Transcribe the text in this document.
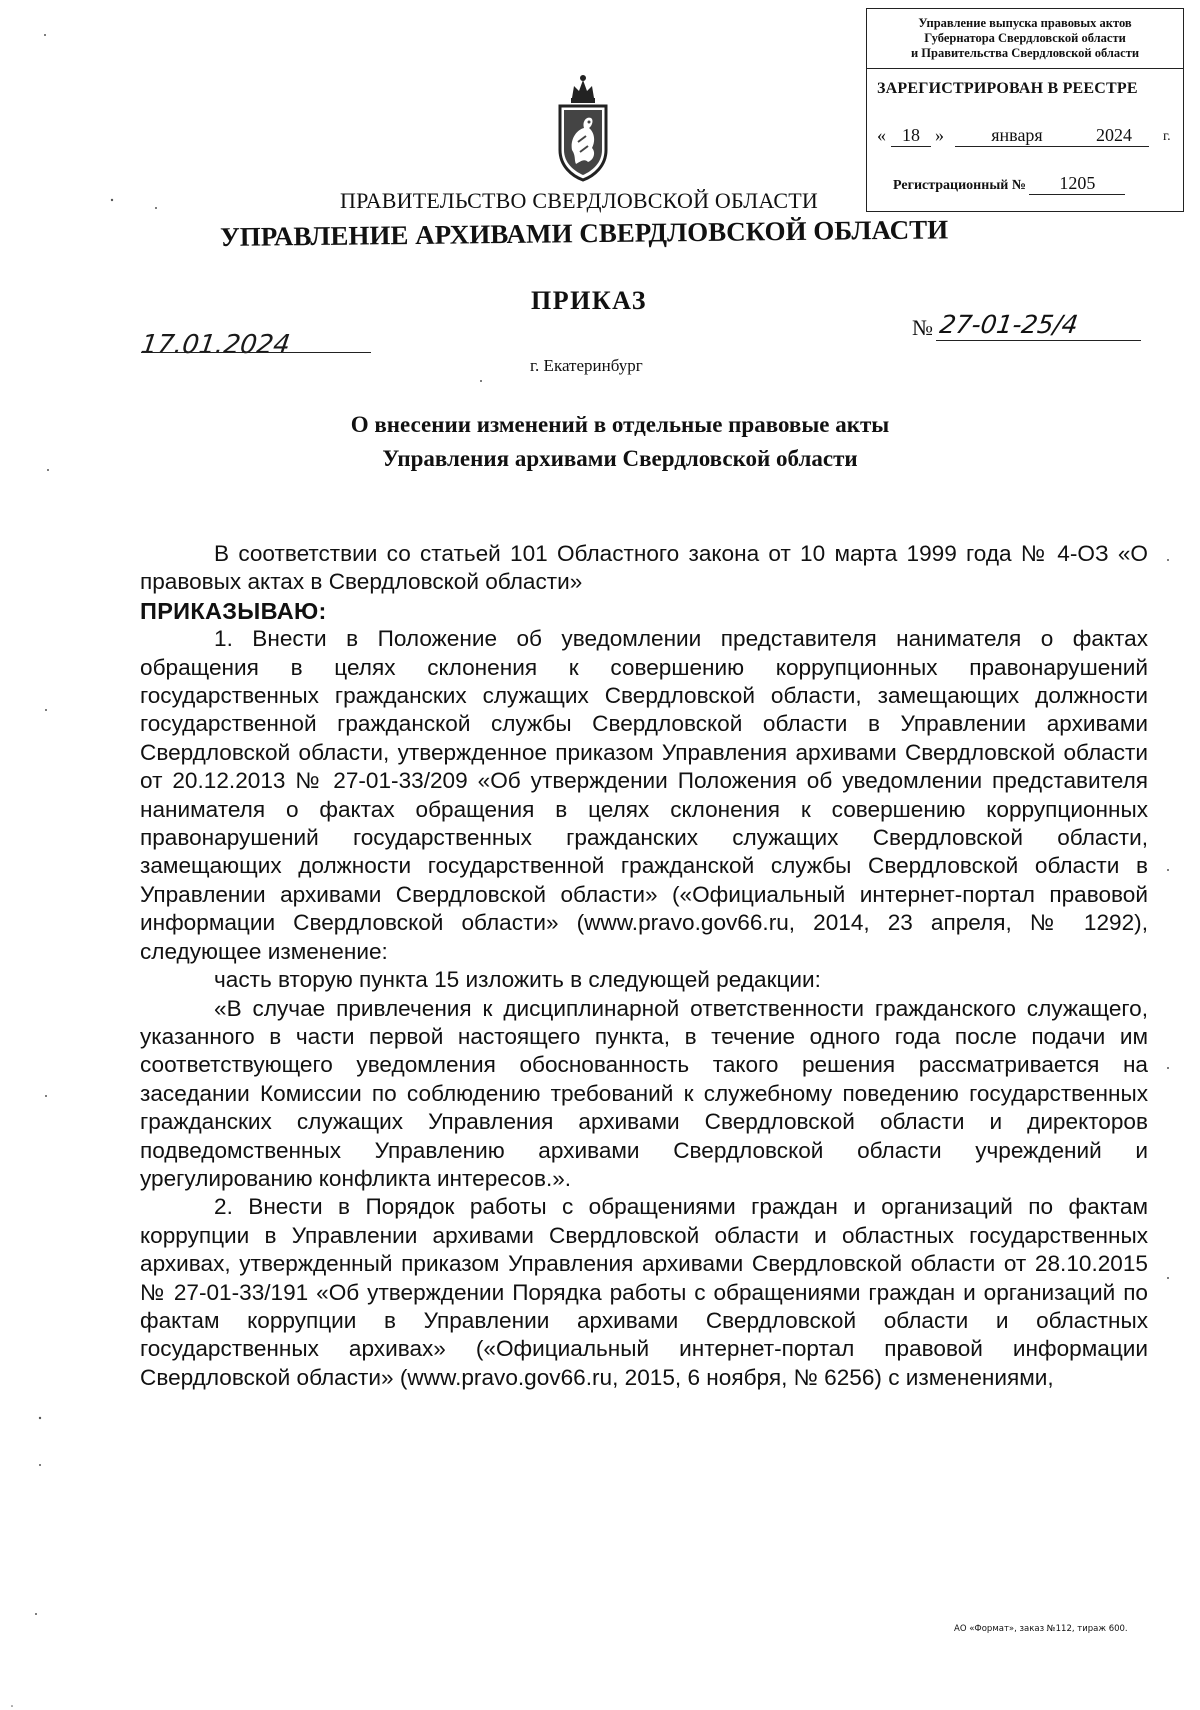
Управление выпуска правовых актов
Губернатора Свердловской области
и Правительства Свердловской области
ЗАРЕГИСТРИРОВАН В РЕЕСТРЕ
« 18 »	января	2024	г.
Регистрационный № 1205
ПРАВИТЕЛЬСТВО СВЕРДЛОВСКОЙ ОБЛАСТИ
УПРАВЛЕНИЕ АРХИВАМИ СВЕРДЛОВСКОЙ ОБЛАСТИ
ПРИКАЗ
17.01.2024
№ 27-01-25/4
г. Екатеринбург
О внесении изменений в отдельные правовые акты
Управления архивами Свердловской области

В соответствии со статьей 101 Областного закона от 10 марта 1999 года № 4-ОЗ «О правовых актах в Свердловской области»

ПРИКАЗЫВАЮ:

1. Внести в Положение об уведомлении представителя нанимателя о фактах обращения в целях склонения к совершению коррупционных правонарушений государственных гражданских служащих Свердловской области, замещающих должности государственной гражданской службы Свердловской области в Управлении архивами Свердловской области, утвержденное приказом Управления архивами Свердловской области от 20.12.2013 № 27-01-33/209 «Об утверждении Положения об уведомлении представителя нанимателя о фактах обращения в целях склонения к совершению коррупционных правонарушений государственных гражданских служащих Свердловской области, замещающих должности государственной гражданской службы Свердловской области в Управлении архивами Свердловской области» («Официальный интернет-портал правовой информации Свердловской области» (www.pravo.gov66.ru, 2014, 23 апреля, № 1292), следующее изменение:

часть вторую пункта 15 изложить в следующей редакции:

«В случае привлечения к дисциплинарной ответственности гражданского служащего, указанного в части первой настоящего пункта, в течение одного года после подачи им соответствующего уведомления обоснованность такого решения рассматривается на заседании Комиссии по соблюдению требований к служебному поведению государственных гражданских служащих Управления архивами Свердловской области и директоров подведомственных Управлению архивами Свердловской области учреждений и урегулированию конфликта интересов.».

2. Внести в Порядок работы с обращениями граждан и организаций по фактам коррупции в Управлении архивами Свердловской области и областных государственных архивах, утвержденный приказом Управления архивами Свердловской области от 28.10.2015 № 27-01-33/191 «Об утверждении Порядка работы с обращениями граждан и организаций по фактам коррупции в Управлении архивами Свердловской области и областных государственных архивах» («Официальный интернет-портал правовой информации Свердловской области» (www.pravo.gov66.ru, 2015, 6 ноября, № 6256) с изменениями,

АО «Формат», заказ №112, тираж 600.
